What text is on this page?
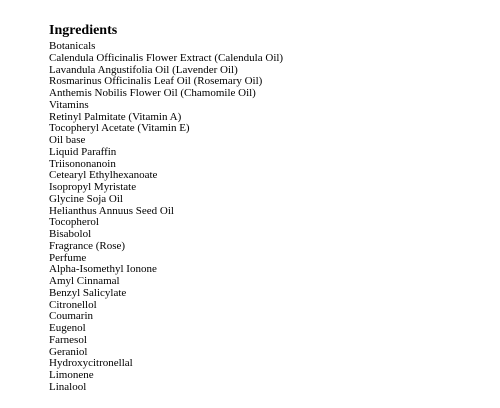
Ingredients
Botanicals
Calendula Officinalis Flower Extract (Calendula Oil)
Lavandula Angustifolia Oil (Lavender Oil)
Rosmarinus Officinalis Leaf Oil (Rosemary Oil)
Anthemis Nobilis Flower Oil (Chamomile Oil)
Vitamins
Retinyl Palmitate (Vitamin A)
Tocopheryl Acetate (Vitamin E)
Oil base
Liquid Paraffin
Triisononanoin
Cetearyl Ethylhexanoate
Isopropyl Myristate
Glycine Soja Oil
Helianthus Annuus Seed Oil
Tocopherol
Bisabolol
Fragrance (Rose)
Perfume
Alpha-Isomethyl Ionone
Amyl Cinnamal
Benzyl Salicylate
Citronellol
Coumarin
Eugenol
Farnesol
Geraniol
Hydroxycitronellal
Limonene
Linalool
